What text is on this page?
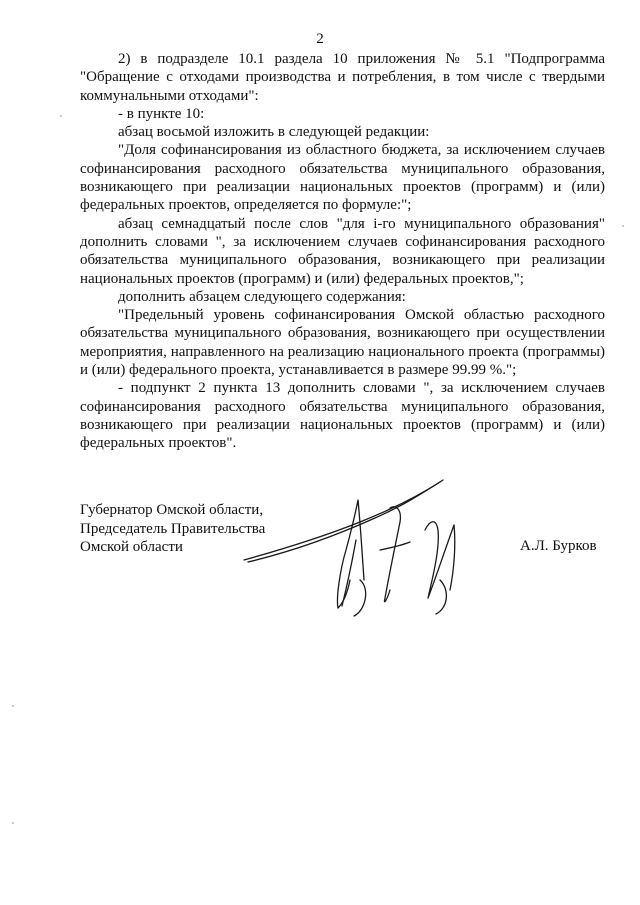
2

2) в подразделе 10.1 раздела 10 приложения № 5.1 "Подпрограмма "Обращение с отходами производства и потребления, в том числе с твердыми коммунальными отходами":

- в пункте 10:

абзац восьмой изложить в следующей редакции:

"Доля софинансирования из областного бюджета, за исключением случаев софинансирования расходного обязательства муниципального образования, возникающего при реализации национальных проектов (программ) и (или) федеральных проектов, определяется по формуле:";

абзац семнадцатый после слов "для i-го муниципального образования" дополнить словами ", за исключением случаев софинансирования расходного обязательства муниципального образования, возникающего при реализации национальных проектов (программ) и (или) федеральных проектов,";

дополнить абзацем следующего содержания:

"Предельный уровень софинансирования Омской областью расходного обязательства муниципального образования, возникающего при осуществлении мероприятия, направленного на реализацию национального проекта (программы) и (или) федерального проекта, устанавливается в размере 99.99 %.";

- подпункт 2 пункта 13 дополнить словами ", за исключением случаев софинансирования расходного обязательства муниципального образования, возникающего при реализации национальных проектов (программ) и (или) федеральных проектов".

Губернатор Омской области,
Председатель Правительства
Омской области	А.Л. Бурков
